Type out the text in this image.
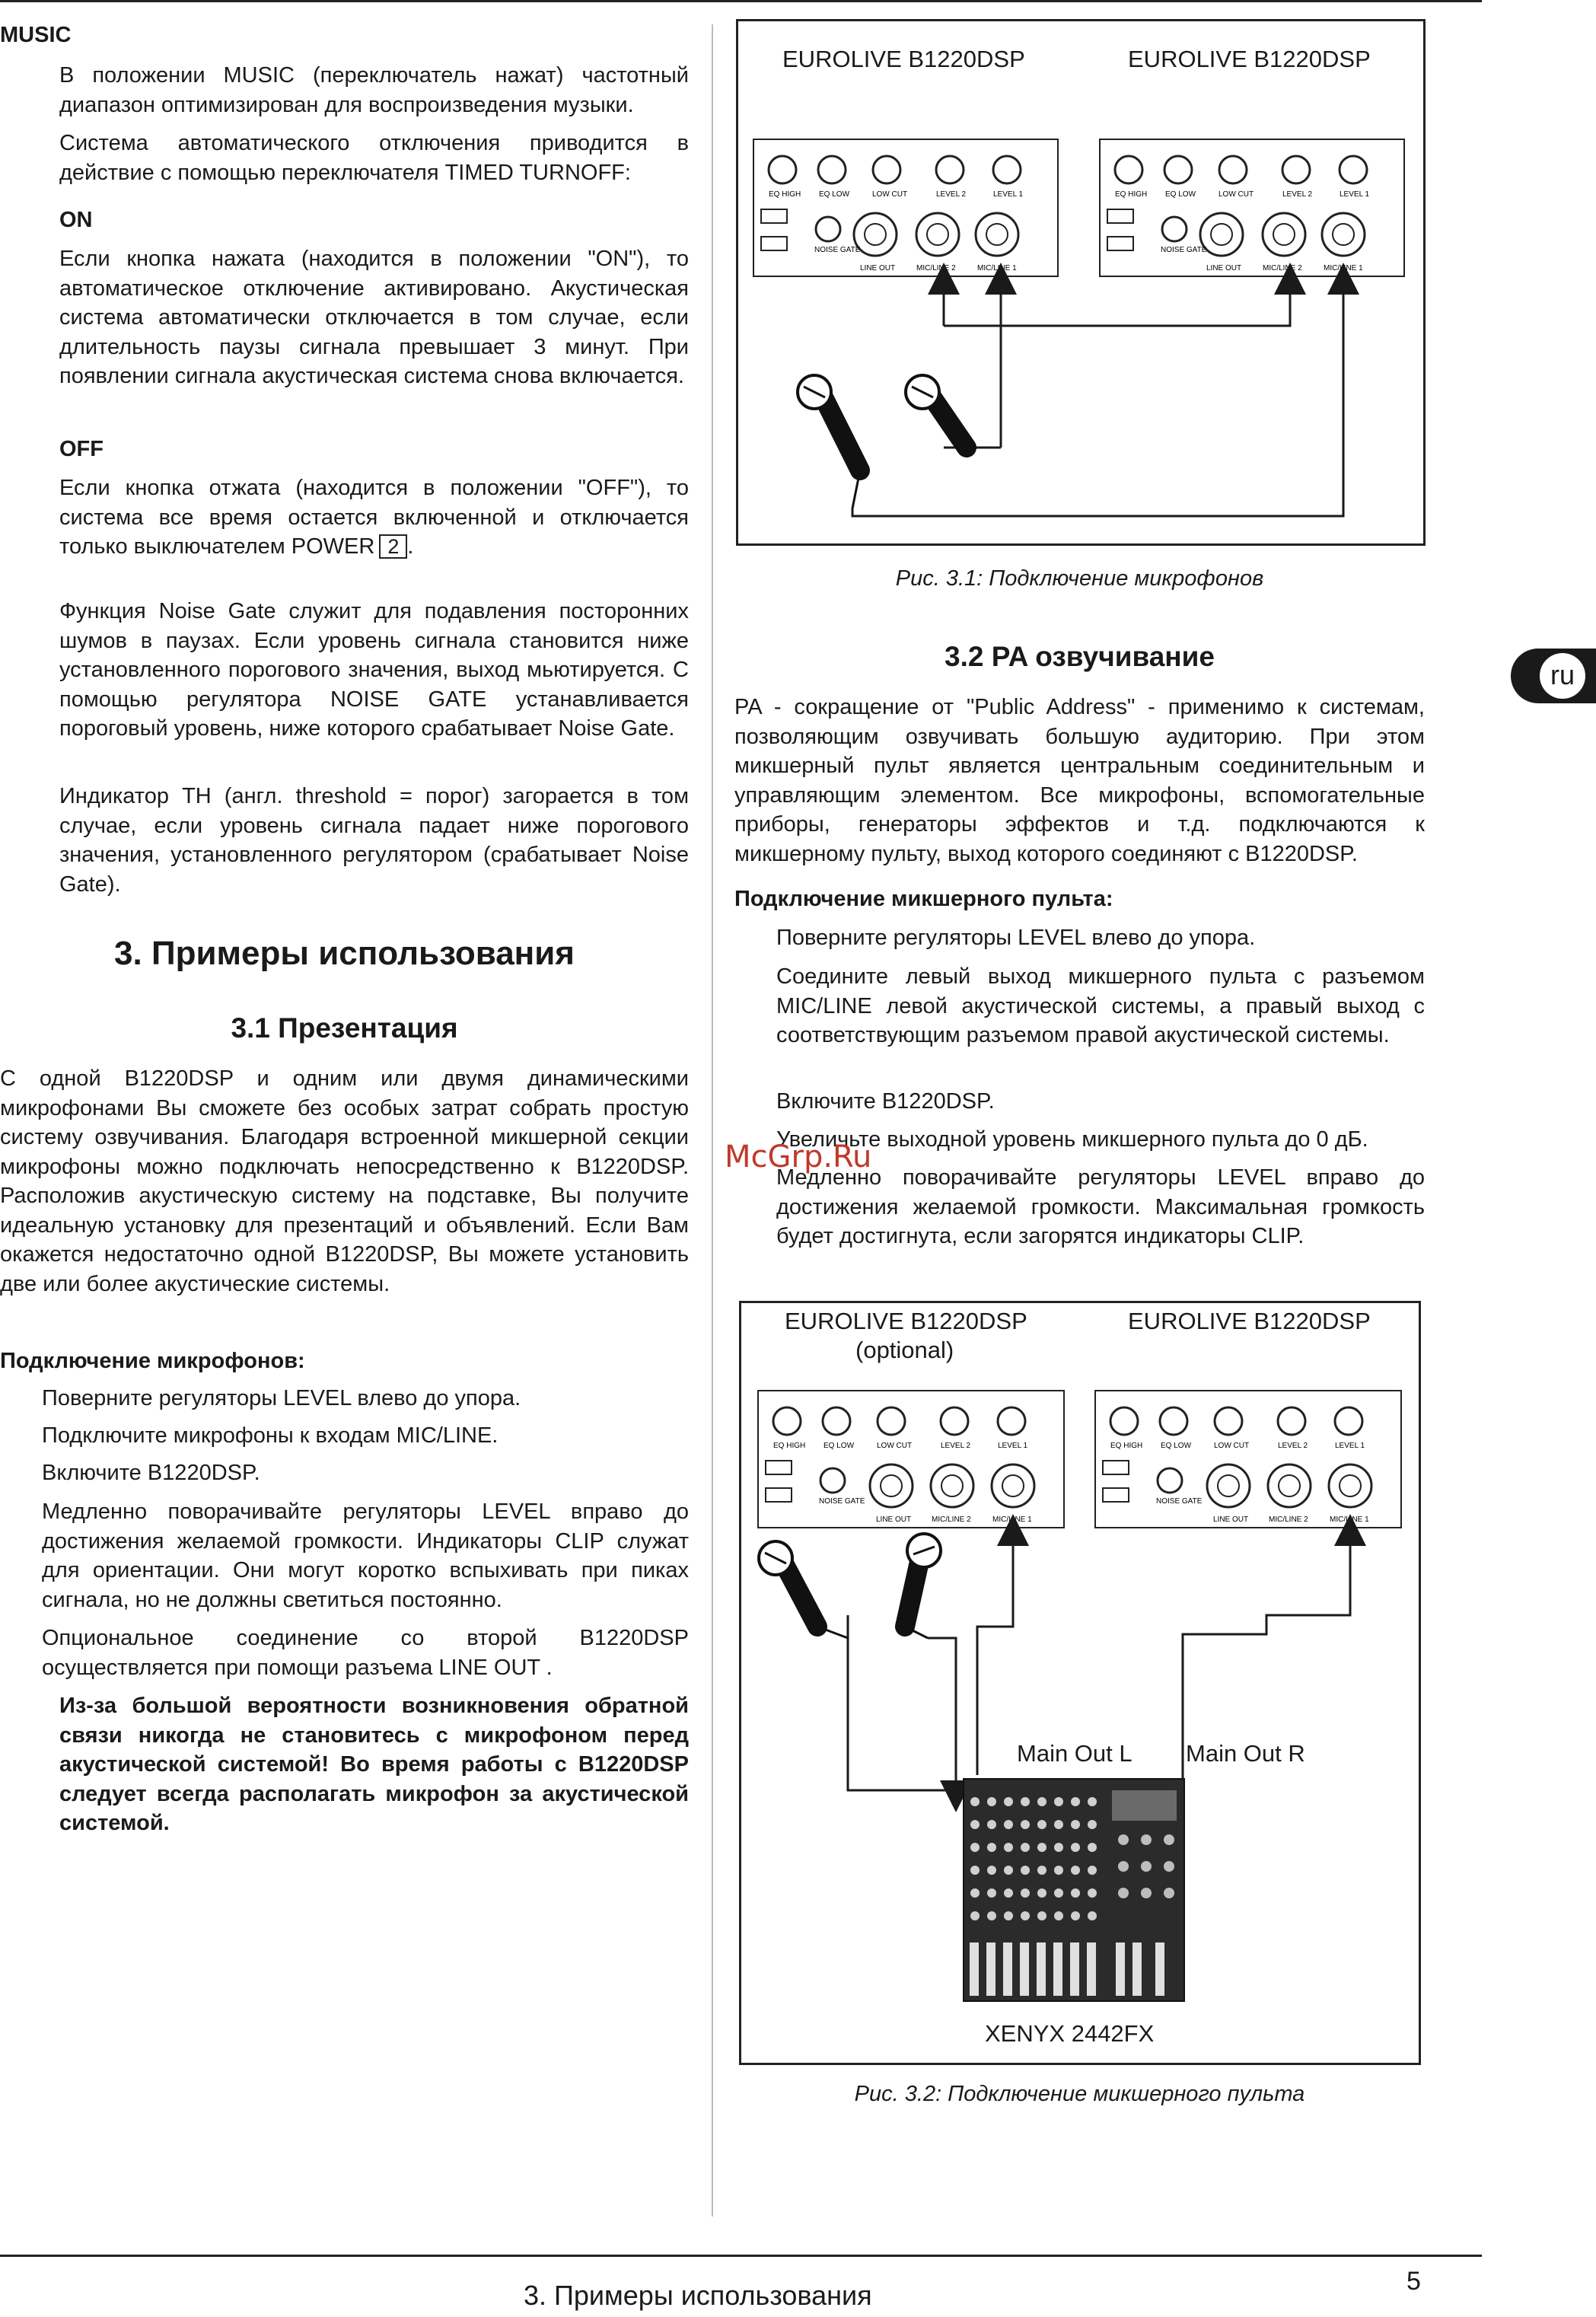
MUSIC

В положении MUSIC (переключатель нажат) частотный диапазон оптимизирован для воспроизведения музыки.

Система автоматического отключения приводится в действие с помощью переключателя TIMED TURNOFF:

ON

Если кнопка нажата (находится в положении "ON"), то автоматическое отключение активировано. Акустическая система автоматически отключается в том случае, если длительность паузы сигнала превышает 3 минут. При появлении сигнала акустическая система снова включается.

OFF

Если кнопка отжата (находится в положении "OFF"), то система все время остается включенной и отключается только выключателем POWER 2 .

Функция Noise Gate служит для подавления посторонних шумов в паузах. Если уровень сигнала становится ниже установленного порогового значения, выход мьютируется. С помощью регулятора NOISE GATE устанавливается пороговый уровень, ниже которого срабатывает Noise Gate.

Индикатор TH (англ. threshold = порог) загорается в том случае, если уровень сигнала падает ниже порогового значения, установленного регулятором (срабатывает Noise Gate).

3. Примеры использования

3.1 Презентация

С одной B1220DSP и одним или двумя динамическими микрофонами Вы сможете без особых затрат собрать простую систему озвучивания. Благодаря встроенной микшерной секции микрофоны можно подключать непосредственно к B1220DSP. Расположив акустическую систему на подставке, Вы получите идеальную установку для презентаций и объявлений. Если Вам окажется недостаточно одной B1220DSP, Вы можете установить две или более акустические системы.

Подключение микрофонов:

Поверните регуляторы LEVEL влево до упора.

Подключите микрофоны к входам MIC/LINE.

Включите B1220DSP.

Медленно поворачивайте регуляторы LEVEL вправо до достижения желаемой громкости. Индикаторы CLIP служат для ориентации. Они могут коротко вспыхивать при пиках сигнала, но не должны светиться постоянно.

Опциональное соединение со второй B1220DSP осуществляется при помощи разъема LINE OUT .

Из-за большой вероятности возникновения обратной связи никогда не становитесь с микрофоном перед акустической системой! Во время работы с B1220DSP следует всегда располагать микрофон за акустической системой.

EUROLIVE B1220DSP	EUROLIVE B1220DSP

EQ HIGH EQ LOW	LOW CUT	LEVEL 2	LEVEL 1
NOISE GATE
LINE OUT	MIC/LINE 2	MIC/LINE 1
EQ HIGH EQ LOW	LOW CUT	LEVEL 2	LEVEL 1
NOISE GATE
LINE OUT	MIC/LINE 2	MIC/LINE 1

Рис. 3.1: Подключение микрофонов

3.2 PA озвучивание

PA - сокращение от "Public Address" - применимо к системам, позволяющим озвучивать большую аудиторию. При этом микшерный пульт является центральным соединительным и управляющим элементом. Все микрофоны, вспомогательные приборы, генераторы эффектов и т.д. подключаются к микшерному пульту, выход которого соединяют с B1220DSP.

Подключение микшерного пульта:

Поверните регуляторы LEVEL влево до упора.

Соедините левый выход микшерного пульта с разъемом MIC/LINE левой акустической системы, а правый выход с соответствующим разъемом правой акустической системы.

Включите B1220DSP.

Увеличьте выходной уровень микшерного пульта до 0 дБ.

Медленно поворачивайте регуляторы LEVEL вправо до достижения желаемой громкости. Максимальная громкость будет достигнута, если загорятся индикаторы CLIP.

EUROLIVE B1220DSP

(optional)

EUROLIVE B1220DSP

Main Out L Main Out R

XENYX 2442FX

EQ HIGH EQ LOW	LOW CUT	LEVEL 2	LEVEL 1
NOISE GATE
LINE OUT	MIC/LINE 2	MIC/LINE 1
EQ HIGH EQ LOW	LOW CUT	LEVEL 2	LEVEL 1
NOISE GATE
LINE OUT	MIC/LINE 2	MIC/LINE 1

Рис. 3.2: Подключение микшерного пульта

McGrp.Ru

ru

3. Примеры использования	5
